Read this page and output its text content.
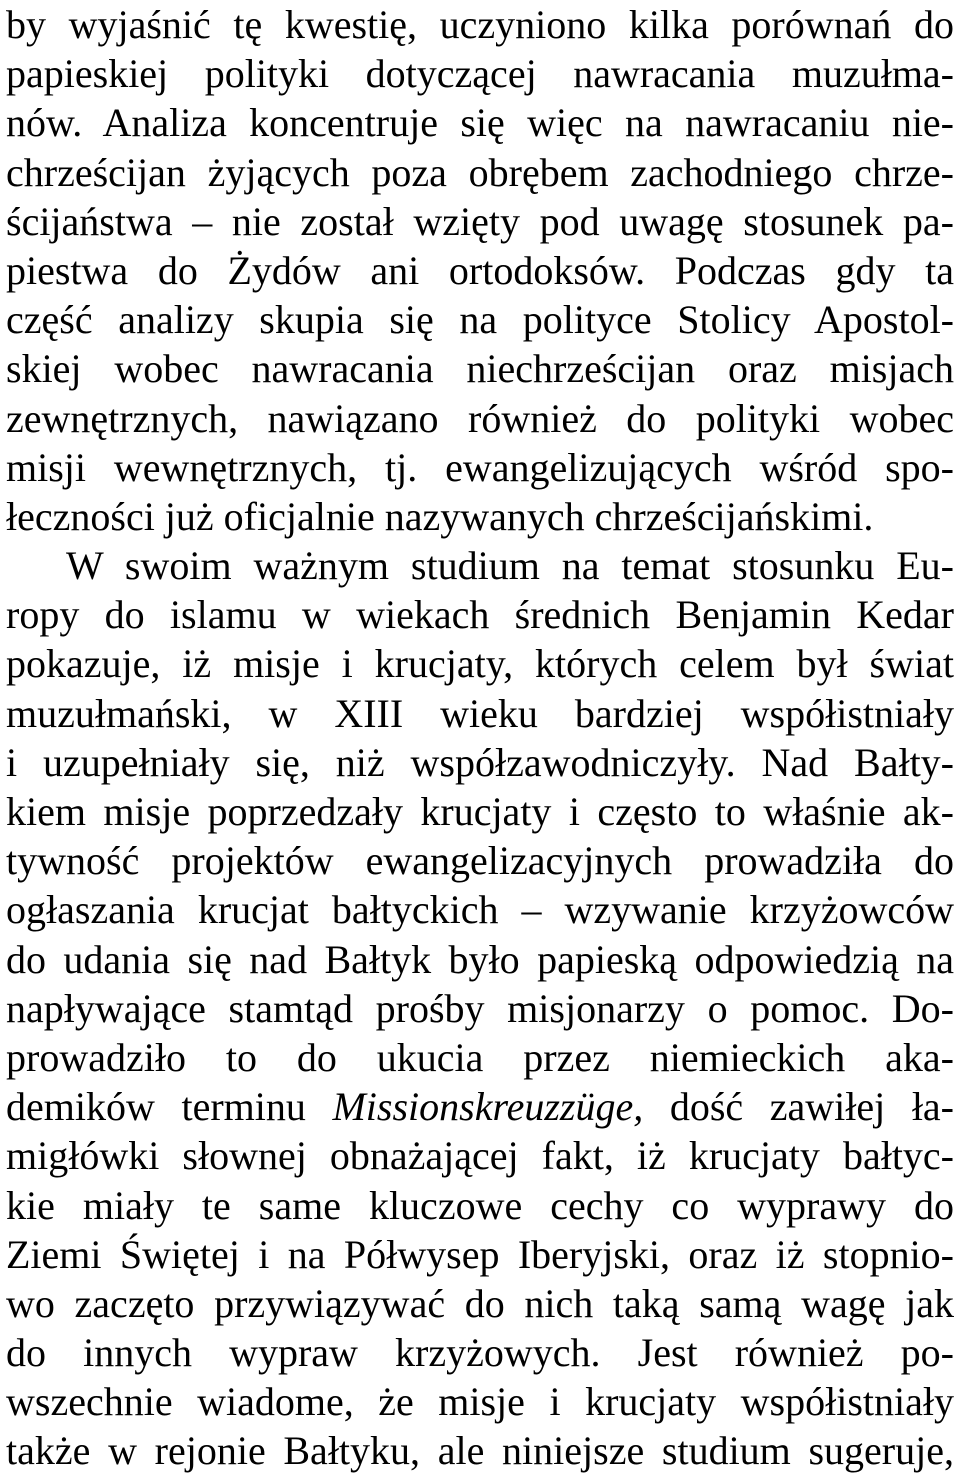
by wyjaśnić tę kwestię, uczyniono kilka porównań do
papieskiej polityki dotyczącej nawracania muzułma-
nów. Analiza koncentruje się więc na nawracaniu nie-
chrześcijan żyjących poza obrębem zachodniego chrze-
ścijaństwa – nie został wzięty pod uwagę stosunek pa-
piestwa do Żydów ani ortodoksów. Podczas gdy ta
część analizy skupia się na polityce Stolicy Apostol-
skiej wobec nawracania niechrześcijan oraz misjach
zewnętrznych, nawiązano również do polityki wobec
misji wewnętrznych, tj. ewangelizujących wśród spo-
łeczności już oficjalnie nazywanych chrześcijańskimi.
W swoim ważnym studium na temat stosunku Eu-
ropy do islamu w wiekach średnich Benjamin Kedar
pokazuje, iż misje i krucjaty, których celem był świat
muzułmański, w XIII wieku bardziej współistniały
i uzupełniały się, niż współzawodniczyły. Nad Bałty-
kiem misje poprzedzały krucjaty i często to właśnie ak-
tywność projektów ewangelizacyjnych prowadziła do
ogłaszania krucjat bałtyckich – wzywanie krzyżowców
do udania się nad Bałtyk było papieską odpowiedzią na
napływające stamtąd prośby misjonarzy o pomoc. Do-
prowadziło to do ukucia przez niemieckich aka-
demików terminu Missionskreuzzüge, dość zawiłej ła-
migłówki słownej obnażającej fakt, iż krucjaty bałtyc-
kie miały te same kluczowe cechy co wyprawy do
Ziemi Świętej i na Półwysep Iberyjski, oraz iż stopnio-
wo zaczęto przywiązywać do nich taką samą wagę jak
do innych wypraw krzyżowych. Jest również po-
wszechnie wiadome, że misje i krucjaty współistniały
także w rejonie Bałtyku, ale niniejsze studium sugeruje,
